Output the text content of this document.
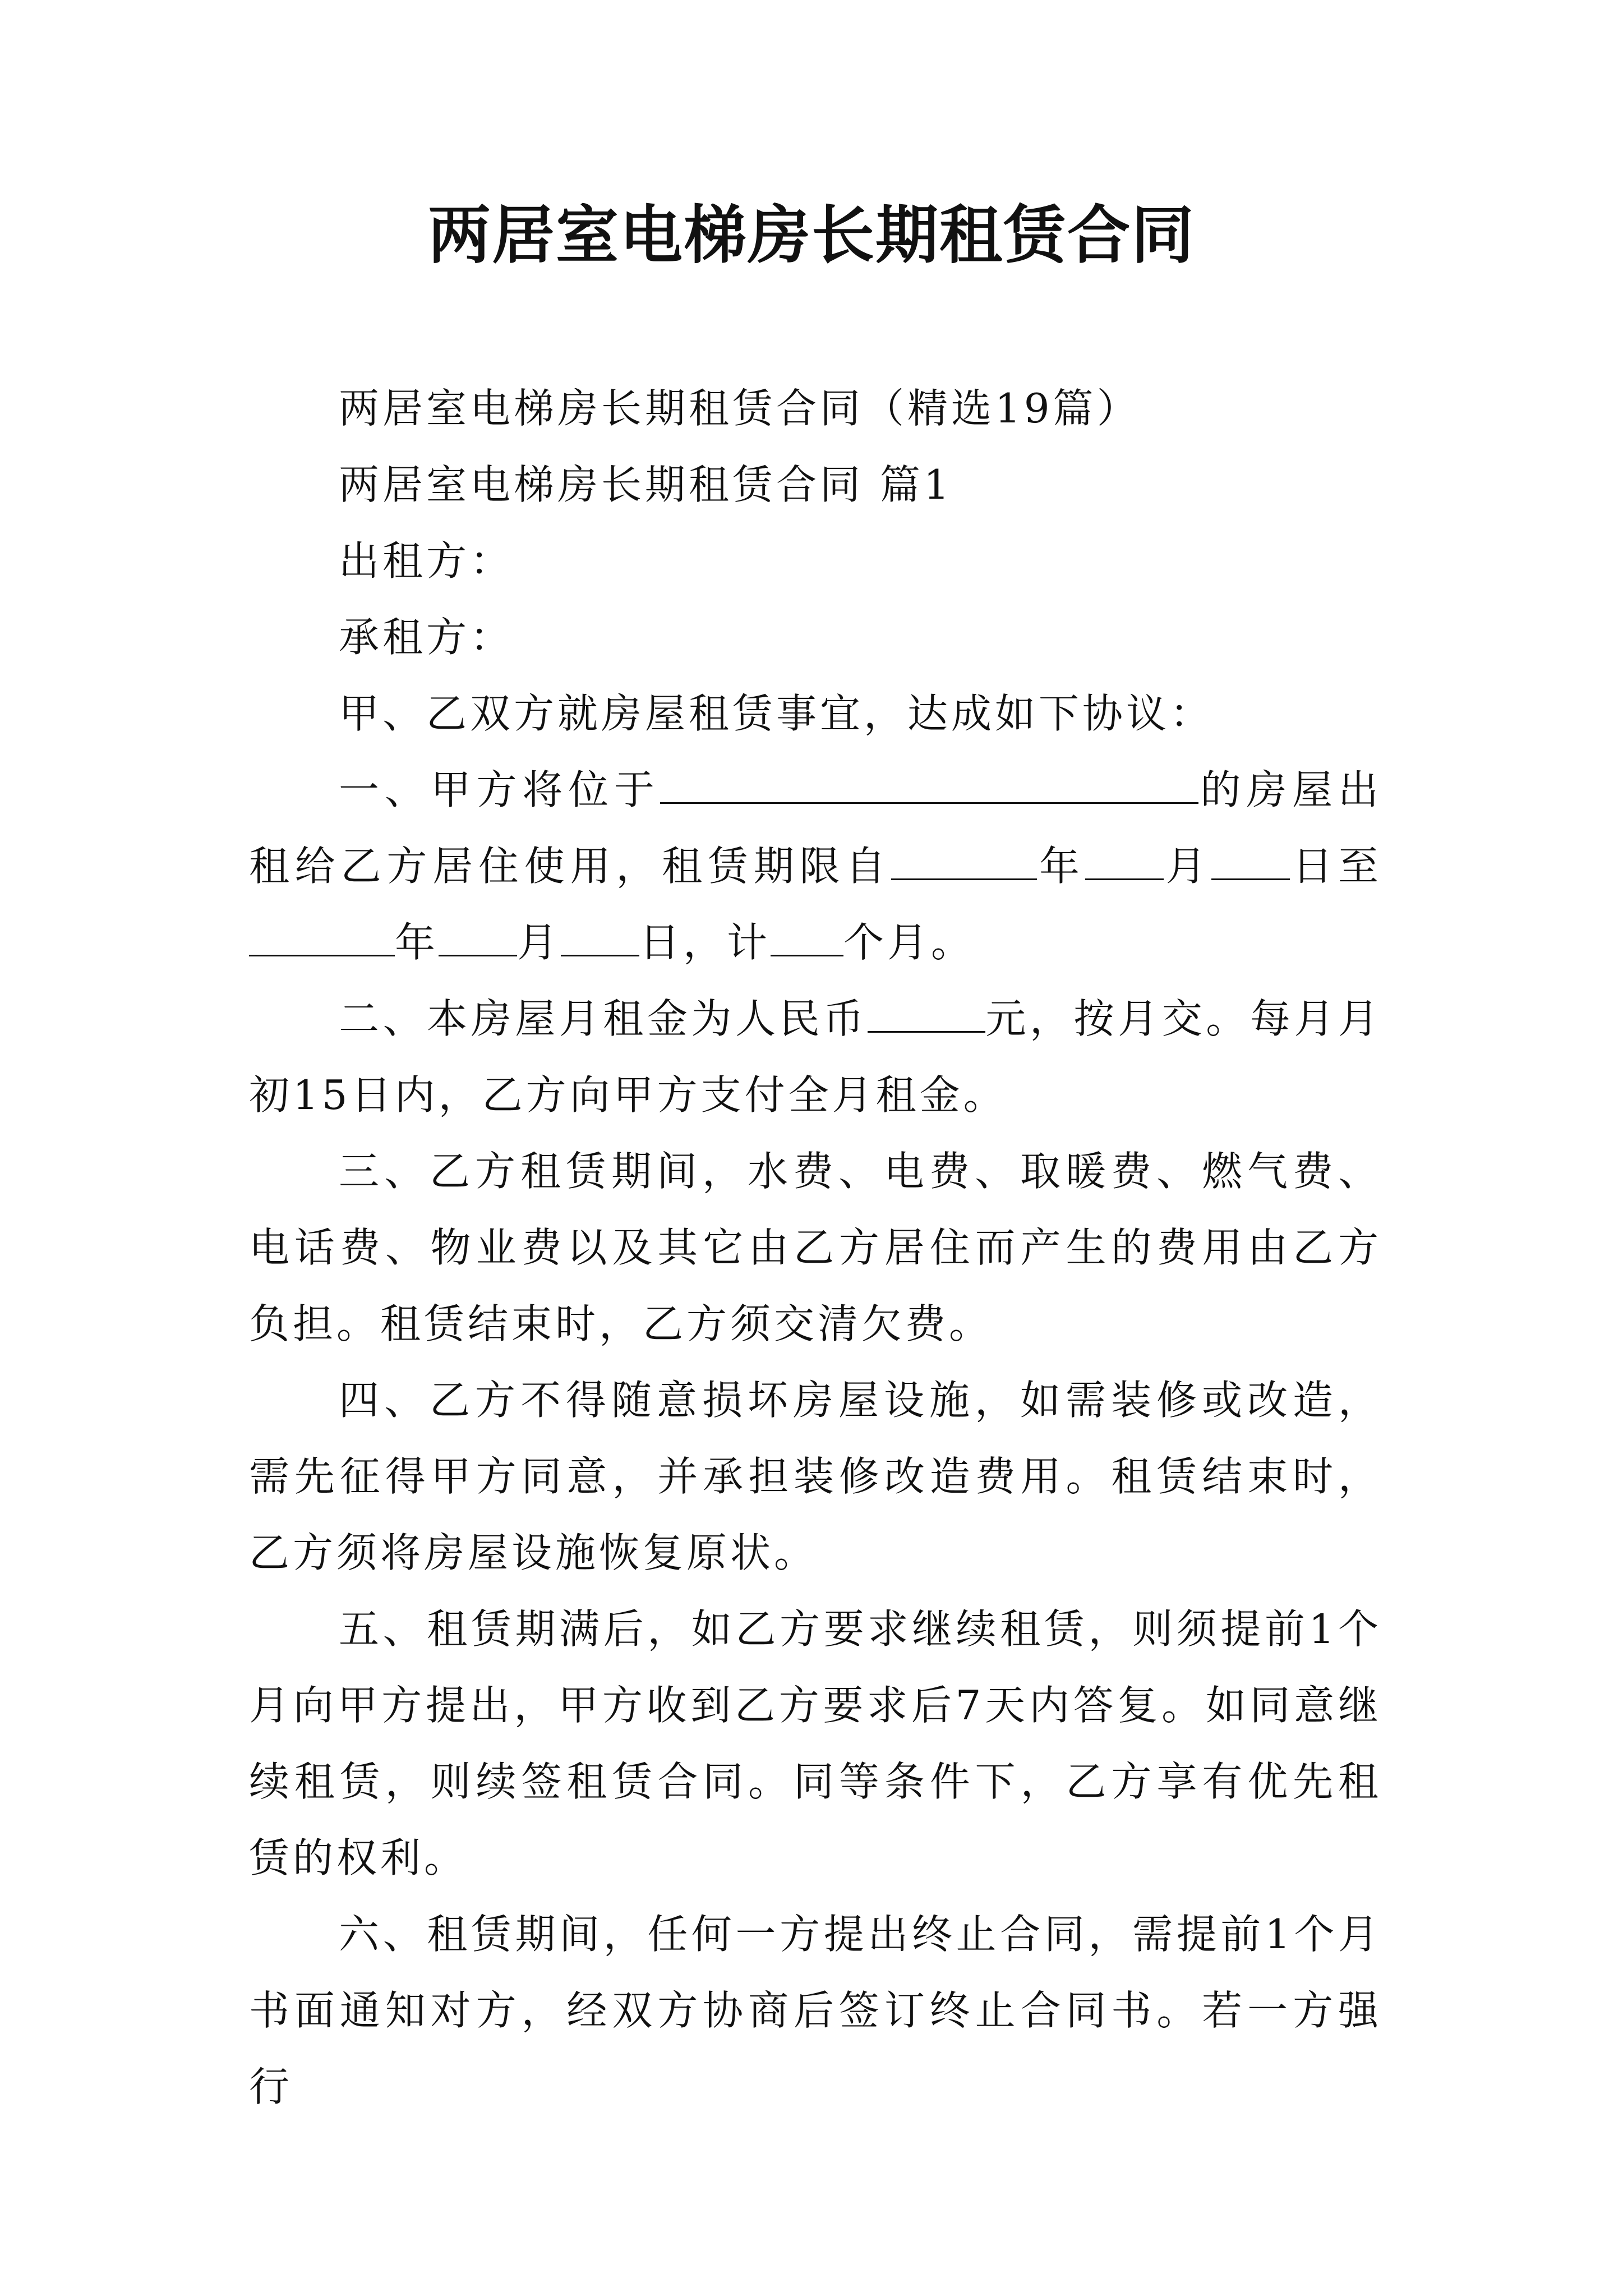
两居室电梯房长期租赁合同

两居室电梯房长期租赁合同（精选19篇）

两居室电梯房长期租赁合同 篇1

出租方：

承租方：

甲、乙双方就房屋租赁事宜，达成如下协议：

一、甲方将位于	的房屋出租给乙方居住使用，租赁期限自	年 月 日至年 月 日，计 个月。

二、本房屋月租金为人民币	元，按月交。每月月初15日内，乙方向甲方支付全月租金。

三、乙方租赁期间，水费、电费、取暖费、燃气费、电话费、物业费以及其它由乙方居住而产生的费用由乙方负担。租赁结束时，乙方须交清欠费。

四、乙方不得随意损坏房屋设施，如需装修或改造，需先征得甲方同意，并承担装修改造费用。租赁结束时，乙方须将房屋设施恢复原状。

五、租赁期满后，如乙方要求继续租赁，则须提前1个月向甲方提出，甲方收到乙方要求后7天内答复。如同意继续租赁，则续签租赁合同。同等条件下，乙方享有优先租赁的权利。

六、租赁期间，任何一方提出终止合同，需提前1个月书面通知对方，经双方协商后签订终止合同书。若一方强行
